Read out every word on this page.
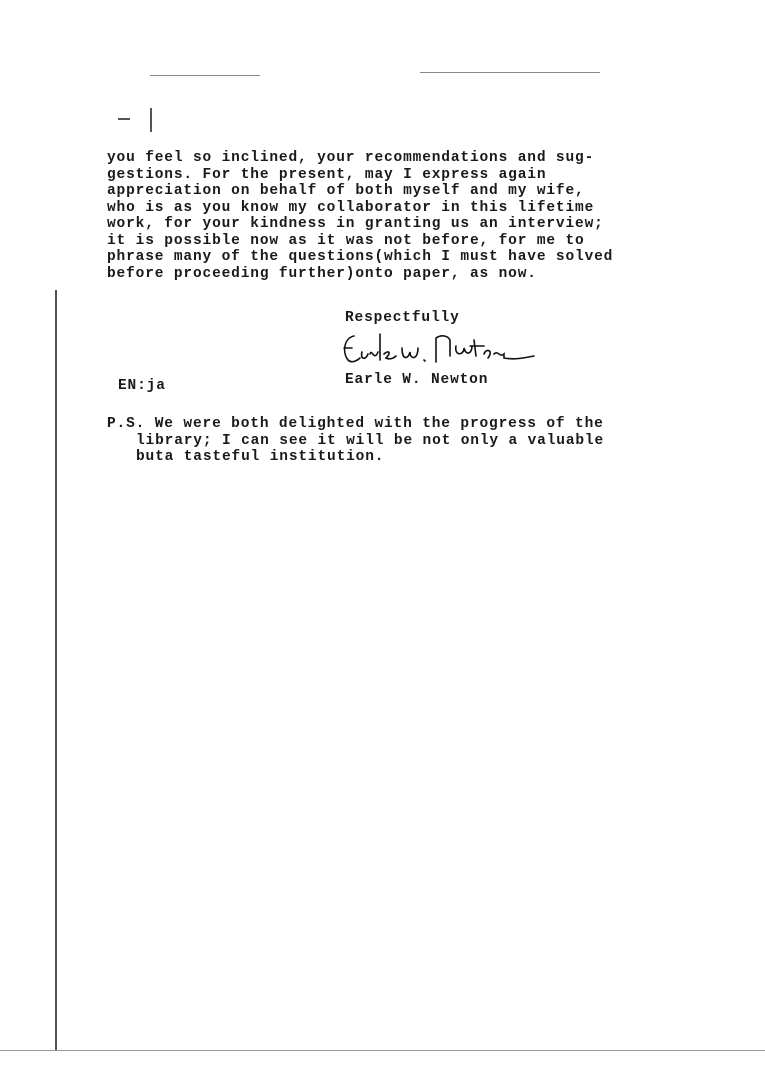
you feel so inclined, your recommendations and sug-
gestions. For the present, may I express again
appreciation on behalf of both myself and my wife,
who is as you know my collaborator in this lifetime
work, for your kindness in granting us an interview;
it is possible now as it was not before, for me to
phrase many of the questions(which I must have solved
before proceeding further)onto paper, as now.
Respectfully
Earle W. Newton
EN:ja
P.S. We were both delighted with the progress of the
library; I can see it will be not only a valuable
buta tasteful institution.
